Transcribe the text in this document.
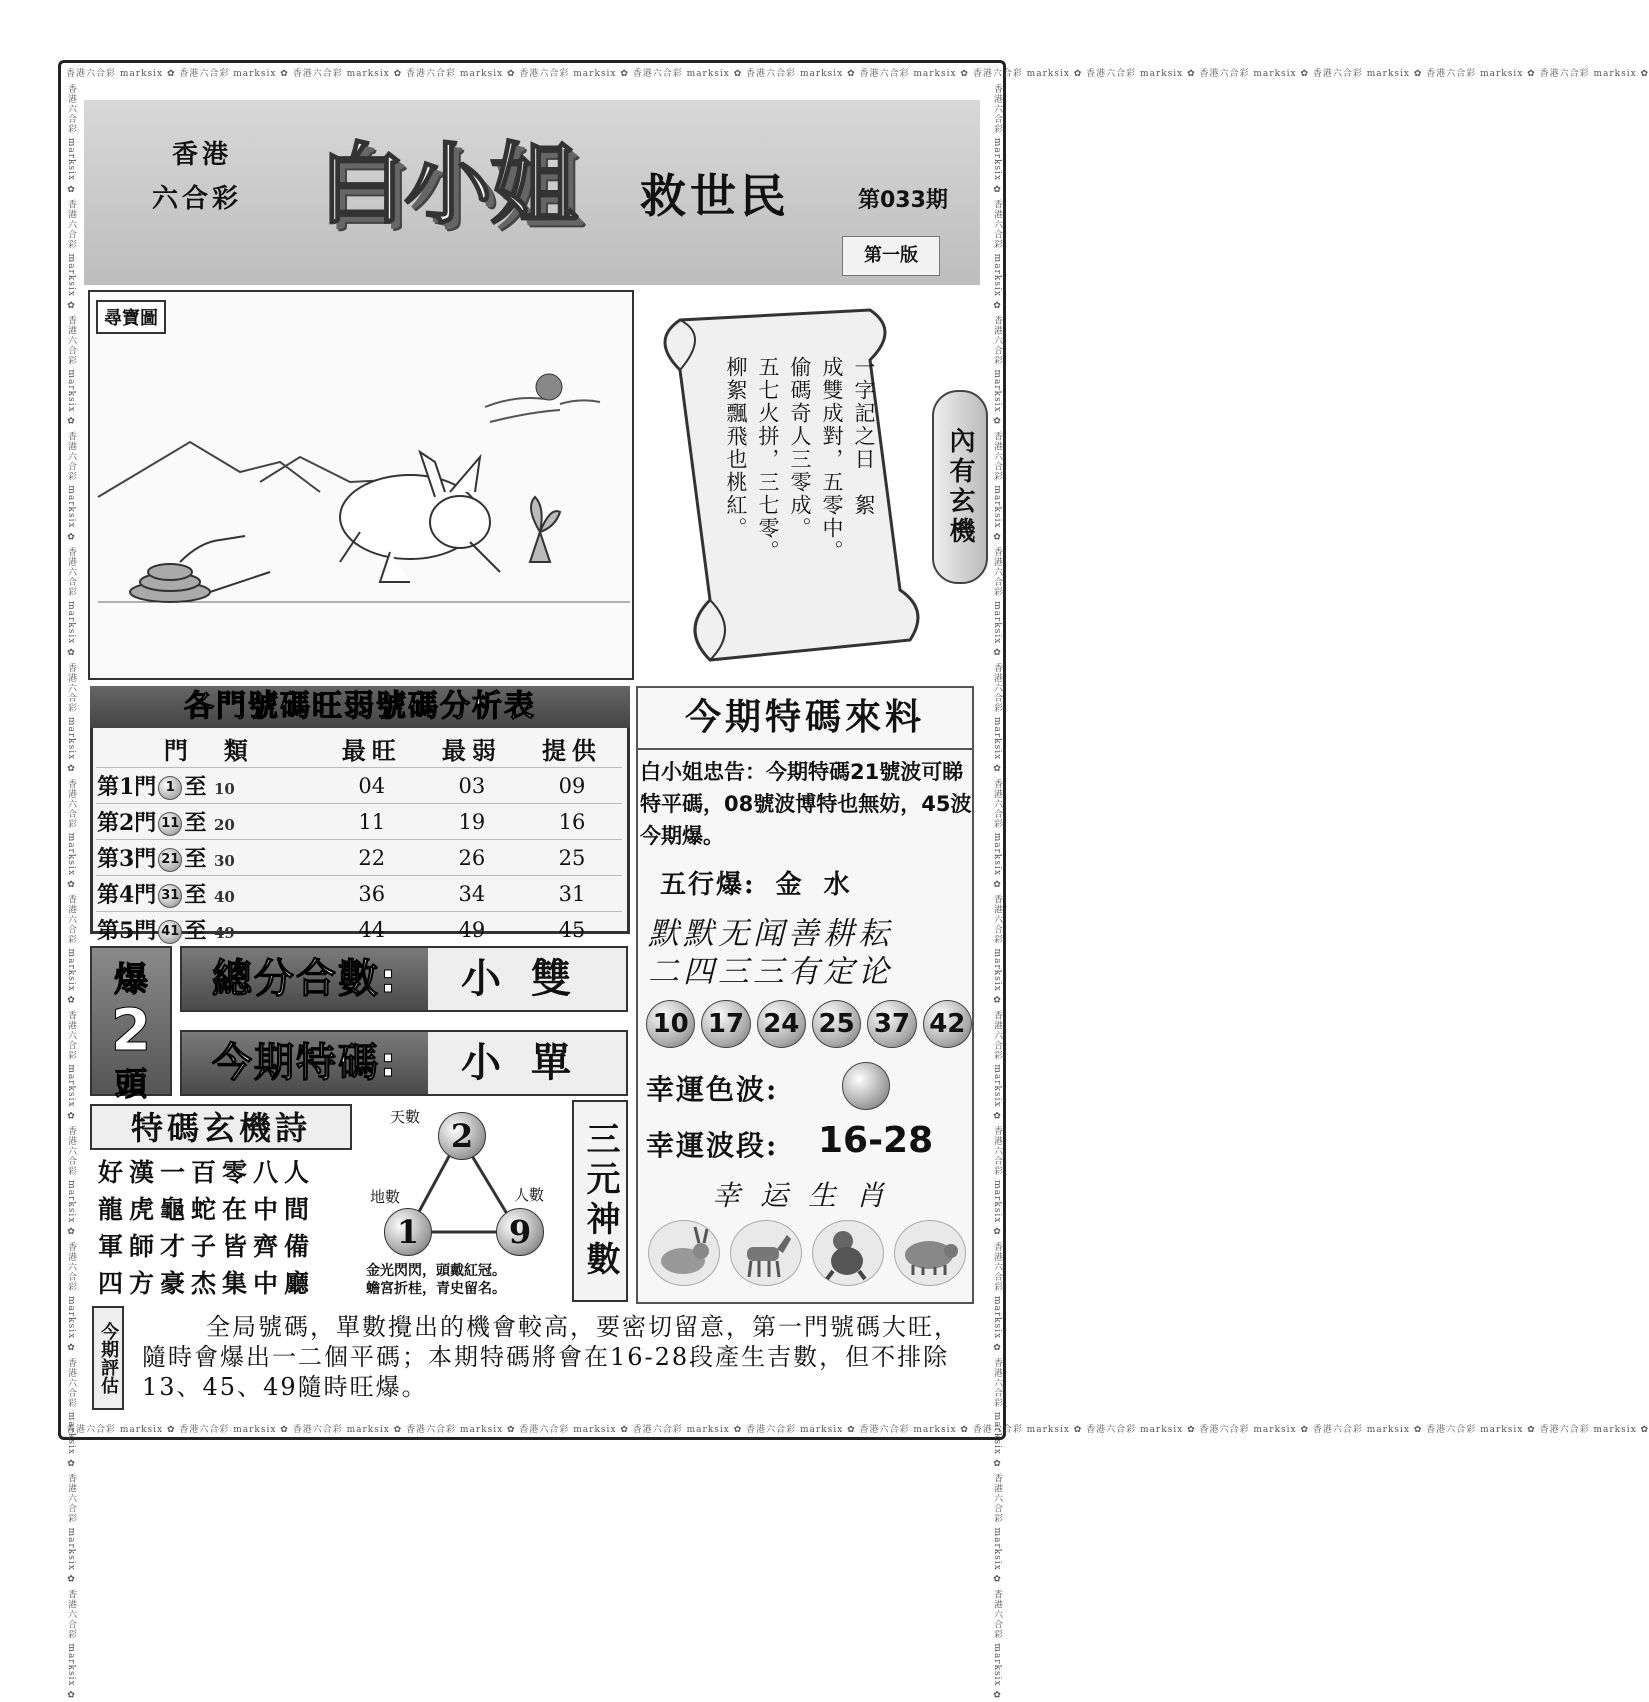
香港六合彩 marksix ✿ 香港六合彩 marksix ✿ 香港六合彩 marksix ✿ 香港六合彩 marksix ✿ 香港六合彩 marksix ✿ 香港六合彩 marksix ✿ 香港六合彩 marksix ✿ 香港六合彩 marksix ✿ 香港六合彩 marksix ✿ 香港六合彩 marksix ✿ 香港六合彩 marksix ✿ 香港六合彩 marksix ✿ 香港六合彩 marksix ✿ 香港六合彩 marksix ✿
香港六合彩 marksix ✿ 香港六合彩 marksix ✿ 香港六合彩 marksix ✿ 香港六合彩 marksix ✿ 香港六合彩 marksix ✿ 香港六合彩 marksix ✿ 香港六合彩 marksix ✿ 香港六合彩 marksix ✿ 香港六合彩 marksix ✿ 香港六合彩 marksix ✿ 香港六合彩 marksix ✿ 香港六合彩 marksix ✿ 香港六合彩 marksix ✿ 香港六合彩 marksix ✿
香港六合彩 marksix ✿ 香港六合彩 marksix ✿ 香港六合彩 marksix ✿ 香港六合彩 marksix ✿ 香港六合彩 marksix ✿ 香港六合彩 marksix ✿ 香港六合彩 marksix ✿ 香港六合彩 marksix ✿ 香港六合彩 marksix ✿ 香港六合彩 marksix ✿ 香港六合彩 marksix ✿ 香港六合彩 marksix ✿ 香港六合彩 marksix ✿ 香港六合彩 marksix ✿	香港六合彩 marksix ✿ 香港六合彩 marksix ✿ 香港六合彩 marksix ✿ 香港六合彩 marksix ✿ 香港六合彩 marksix ✿ 香港六合彩 marksix ✿ 香港六合彩 marksix ✿ 香港六合彩 marksix ✿ 香港六合彩 marksix ✿ 香港六合彩 marksix ✿ 香港六合彩 marksix ✿ 香港六合彩 marksix ✿ 香港六合彩 marksix ✿ 香港六合彩 marksix ✿
香港
六合彩 白小姐	救世民	第033期
第一版
尋寶圖
一字記之日　絮
成雙成對，五零中。
偷碼奇人三零成。
五七火拼，三七零。
柳絮飄飛也桃紅。	內有玄機
各門號碼旺弱號碼分析表
門　類	最旺	最弱	提供
第1門 1 至 10	04	03	09
第2門 11 至 20	11	19	16
第3門 21 至 30	22	26	25
第4門 31 至 40	36	34	31
第5門 41 至 49	44	49	45
爆
2
頭
總分合數:	小雙
今期特碼:	小單
特碼玄機詩
好漢一百零八人
龍虎龜蛇在中間
軍師才子皆齊備
四方豪杰集中廳
天數 2
地數
1
人數
9
金光閃閃，頭戴紅冠。
蟾宮折桂，青史留名。
三元神數
今期特碼來料
白小姐忠告：今期特碼21號波可睇特平碼，08號波博特也無妨，45波今期爆。
五行爆: 金水
默默无闻善耕耘
二四三三有定论
10 17 24 25 37 42
幸運色波:
幸運波段: 16-28
幸运生肖
今期評估	全局號碼，單數攪出的機會較高，要密切留意，第一門號碼大旺，隨時會爆出一二個平碼；本期特碼將會在16-28段產生吉數，但不排除13、45、49隨時旺爆。
